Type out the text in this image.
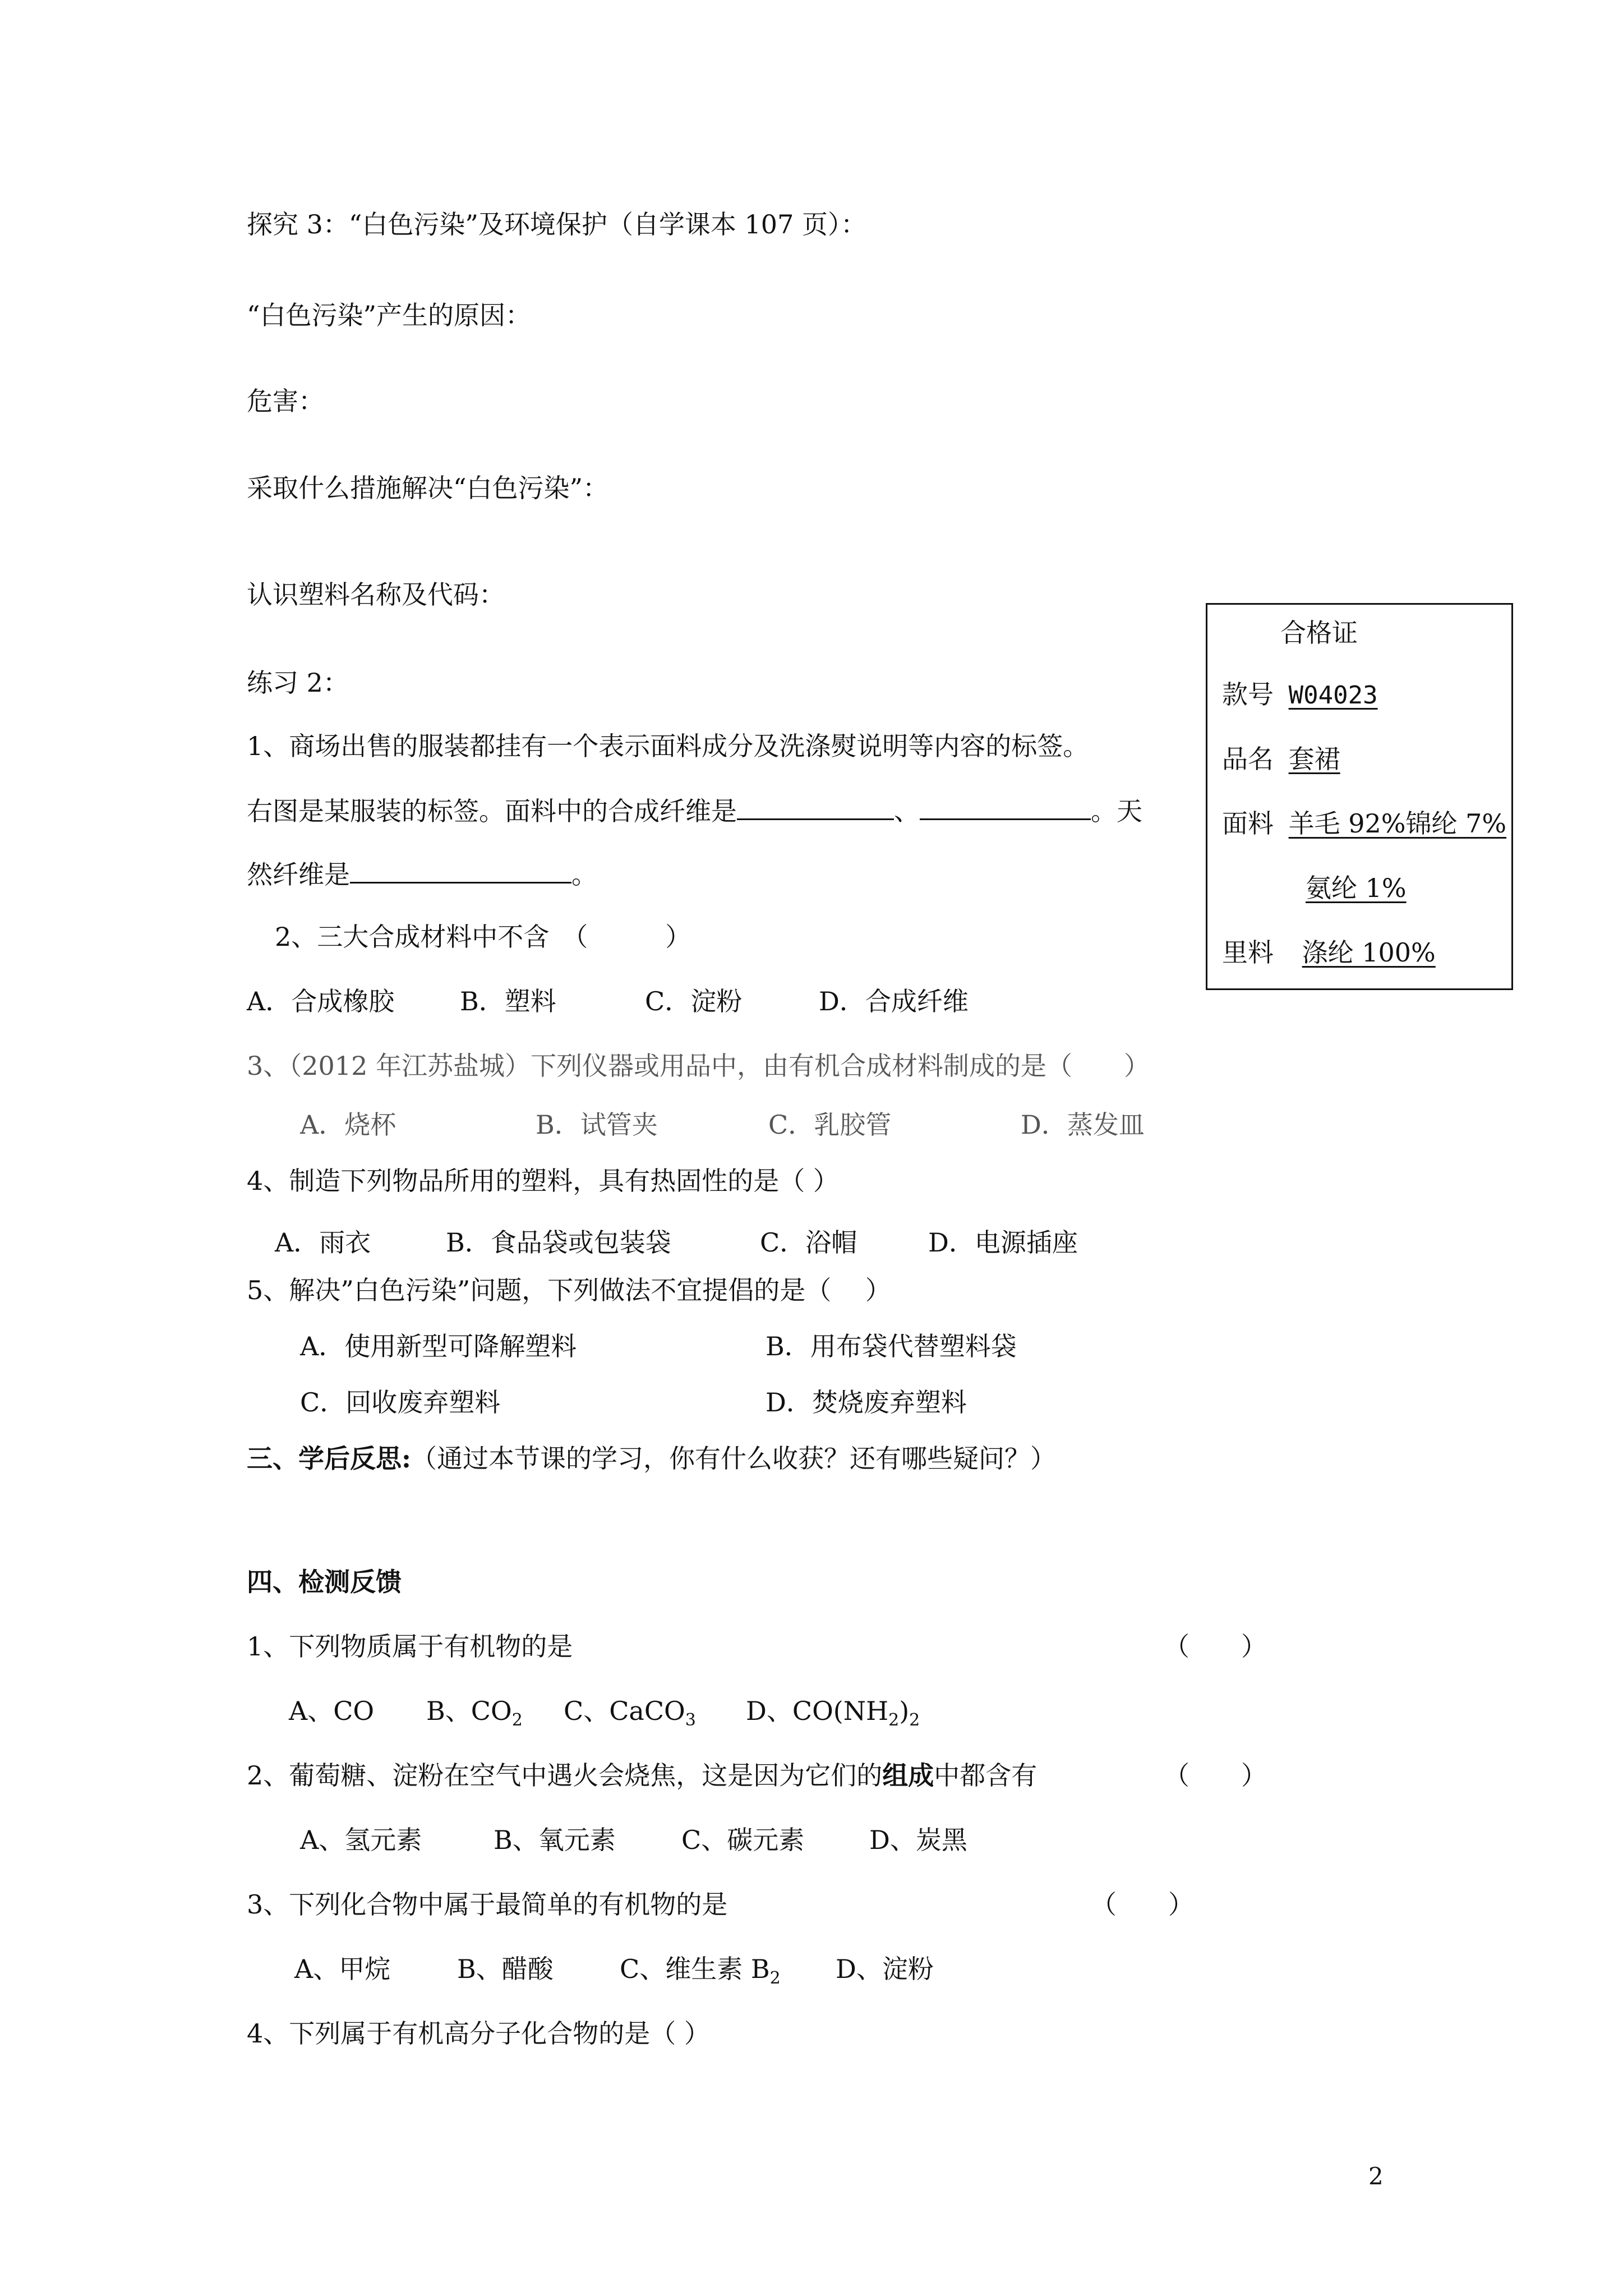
探究 3：“白色污染”及环境保护（自学课本 107 页）：
“白色污染”产生的原因：
危害：
采取什么措施解决“白色污染”：
认识塑料名称及代码：
练习 2：
1、商场出售的服装都挂有一个表示面料成分及洗涤熨说明等内容的标签。
右图是某服装的标签。面料中的合成纤维是	、	。天
然纤维是	。
2、三大合成材料中不含　（　　　）
A．合成橡胶	B．塑料	C．淀粉	D．合成纤维
3、（2012 年江苏盐城）下列仪器或用品中，由有机合成材料制成的是（　　）
A．烧杯	B．试管夹	C．乳胶管	D．蒸发皿
4、制造下列物品所用的塑料，具有热固性的是（ ）
A．雨衣	B．食品袋或包装袋	C．浴帽	D．电源插座
5、解决”白色污染”问题，下列做法不宜提倡的是（　 ）
A．使用新型可降解塑料	B．用布袋代替塑料袋
C．回收废弃塑料	D．焚烧废弃塑料
合格证
款号 W04023
品名 套裙
面料 羊毛 92%锦纶 7%
氨纶 1%
里料 涤纶 100%
三、学后反思:（通过本节课的学习，你有什么收获？还有哪些疑问？）
四、检测反馈
1、下列物质属于有机物的是	（　　）
A、CO B、$CO_2$ C、CaCO$_3$ D、$CO(NH_2)_2$
2、葡萄糖、淀粉在空气中遇火会烧焦，这是因为它们的组成中都含有	（　　）
A、氢元素	B、氧元素	C、碳元素	D、炭黑
3、下列化合物中属于最简单的有机物的是	（　　）
A、甲烷	B、醋酸	C、维生素 $B_2$ D、淀粉
4、下列属于有机高分子化合物的是（ ）
2
